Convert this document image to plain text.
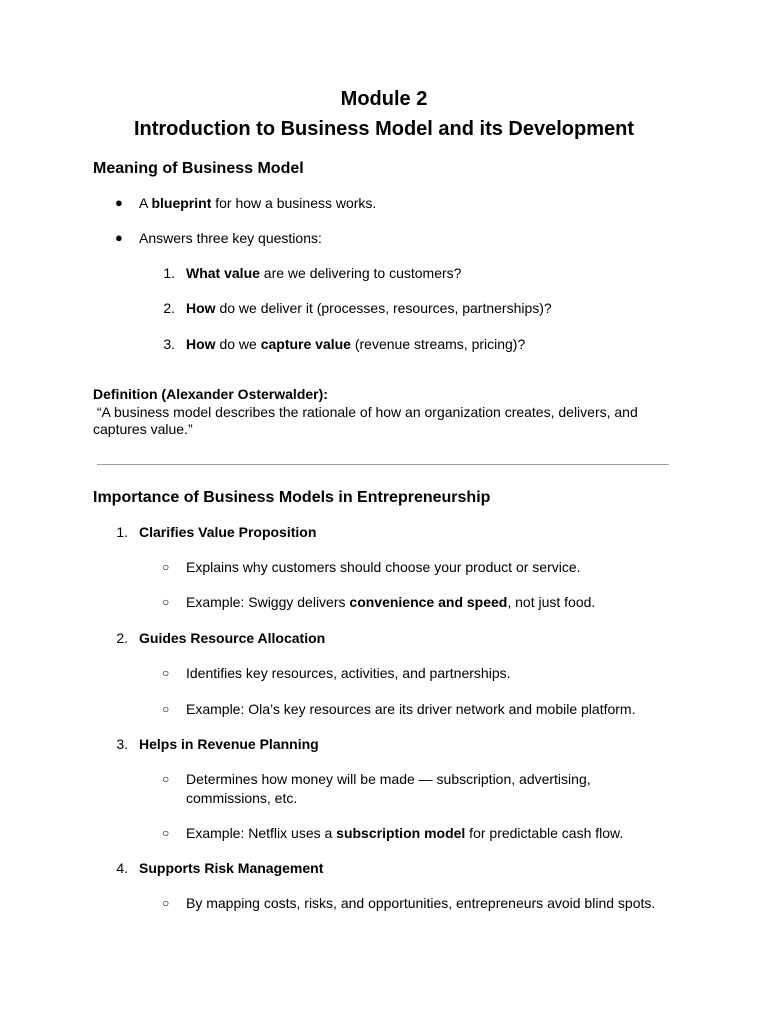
Module 2
Introduction to Business Model and its Development
Meaning of Business Model
● A blueprint for how a business works.
● Answers three key questions:
1. What value are we delivering to customers?
2. How do we deliver it (processes, resources, partnerships)?
3. How do we capture value (revenue streams, pricing)?
Definition (Alexander Osterwalder):
“A business model describes the rationale of how an organization creates, delivers, and
captures value.”
Importance of Business Models in Entrepreneurship
1. Clarifies Value Proposition
○ Explains why customers should choose your product or service.
○ Example: Swiggy delivers convenience and speed, not just food.
2. Guides Resource Allocation
○ Identifies key resources, activities, and partnerships.
○ Example: Ola’s key resources are its driver network and mobile platform.
3. Helps in Revenue Planning
○ Determines how money will be made — subscription, advertising,
commissions, etc.
○ Example: Netflix uses a subscription model for predictable cash flow.
4. Supports Risk Management
○ By mapping costs, risks, and opportunities, entrepreneurs avoid blind spots.
